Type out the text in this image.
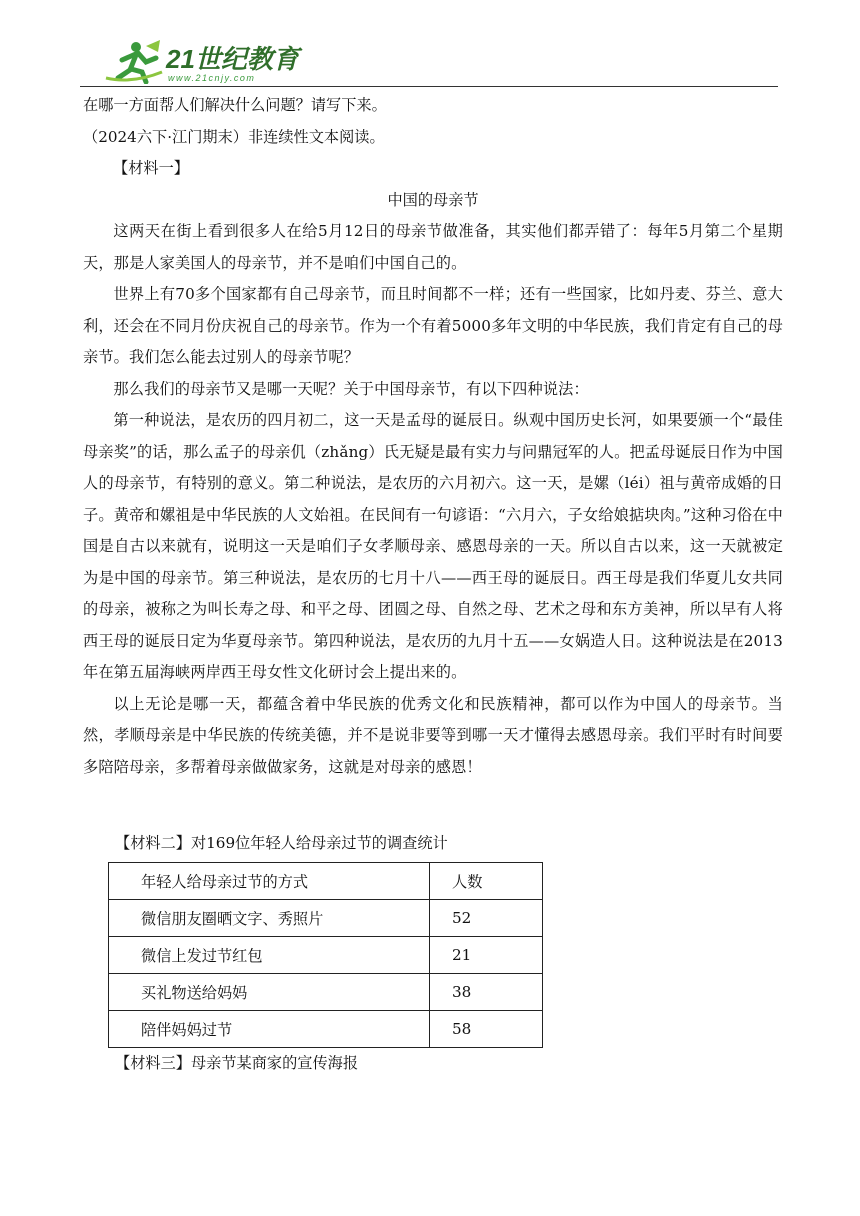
21世纪教育
www.21cnjy.com
在哪一方面帮人们解决什么问题？请写下来。
（2024六下·江门期末）非连续性文本阅读。
【材料一】
中国的母亲节

这两天在街上看到很多人在给5月12日的母亲节做准备，其实他们都弄错了：每年5月第二个星期天，那是人家美国人的母亲节，并不是咱们中国自己的。

世界上有70多个国家都有自己母亲节，而且时间都不一样；还有一些国家，比如丹麦、芬兰、意大利，还会在不同月份庆祝自己的母亲节。作为一个有着5000多年文明的中华民族，我们肯定有自己的母亲节。我们怎么能去过别人的母亲节呢？

那么我们的母亲节又是哪一天呢？关于中国母亲节，有以下四种说法：

第一种说法，是农历的四月初二，这一天是孟母的诞辰日。纵观中国历史长河，如果要颁一个“最佳母亲奖”的话，那么孟子的母亲仉（zhǎng）氏无疑是最有实力与问鼎冠军的人。把孟母诞辰日作为中国人的母亲节，有特别的意义。第二种说法，是农历的六月初六。这一天，是嫘（léi）祖与黄帝成婚的日子。黄帝和嫘祖是中华民族的人文始祖。在民间有一句谚语：“六月六，子女给娘掂块肉。”这种习俗在中国是自古以来就有，说明这一天是咱们子女孝顺母亲、感恩母亲的一天。所以自古以来，这一天就被定为是中国的母亲节。第三种说法，是农历的七月十八——西王母的诞辰日。西王母是我们华夏儿女共同的母亲，被称之为叫长寿之母、和平之母、团圆之母、自然之母、艺术之母和东方美神，所以早有人将西王母的诞辰日定为华夏母亲节。第四种说法，是农历的九月十五——女娲造人日。这种说法是在2013年在第五届海峡两岸西王母女性文化研讨会上提出来的。

以上无论是哪一天，都蕴含着中华民族的优秀文化和民族精神，都可以作为中国人的母亲节。当然，孝顺母亲是中华民族的传统美德，并不是说非要等到哪一天才懂得去感恩母亲。我们平时有时间要多陪陪母亲，多帮着母亲做做家务，这就是对母亲的感恩！

【材料二】对169位年轻人给母亲过节的调查统计
年轻人给母亲过节的方式	人数
微信朋友圈晒文字、秀照片	52
微信上发过节红包	21
买礼物送给妈妈	38
陪伴妈妈过节	58
【材料三】母亲节某商家的宣传海报
